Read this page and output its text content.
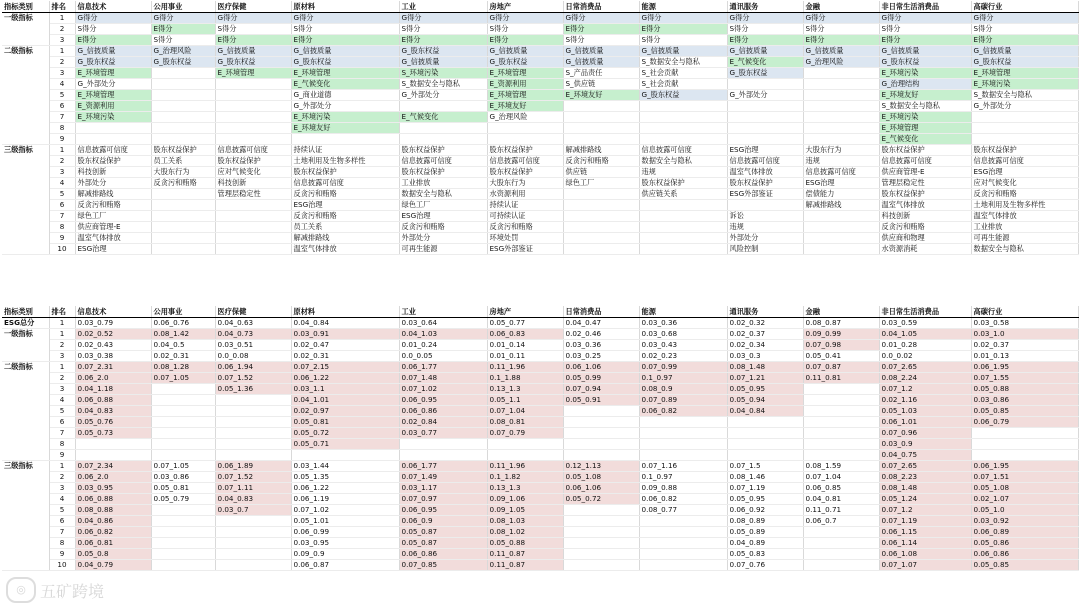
指标类别	排名	信息技术	公用事业	医疗保健	原材料	工业	房地产	日常消费品	能源	通讯服务	金融	非日常生活消费品	高碳行业
一级指标	1	G得分	G得分	G得分	G得分	G得分	G得分	G得分	G得分	G得分	G得分	G得分	G得分
	2	S得分	E得分	S得分	S得分	S得分	S得分	E得分	E得分	S得分	S得分	S得分	S得分
	3	E得分	S得分	E得分	E得分	E得分	E得分	S得分	S得分	E得分	E得分	E得分	E得分
二级指标	1	G_信披质量	G_治理风险	G_信披质量	G_信披质量	G_股东权益	G_信披质量	G_信披质量	G_信披质量	G_信披质量	G_信披质量	G_信披质量	G_信披质量
	2	G_股东权益	G_股东权益	G_股东权益	G_股东权益	G_信披质量	G_股东权益	G_信披质量	S_数据安全与隐私	E_气候变化	G_治理风险	G_股东权益	G_股东权益
	3	E_环境管理		E_环境管理	E_环境管理	S_环境污染	E_环境管理	S_产品责任	S_社会贡献	G_股东权益		E_环境污染	E_环境管理
	4	G_外部处分			E_气候变化	S_数据安全与隐私	E_资源利用	S_供应链	S_社会贡献			G_治理结构	E_环境污染
	5	E_环境管理			G_商业道德	G_外部处分	E_环境管理	E_环境友好	G_股东权益	G_外部处分		E_环境友好	S_数据安全与隐私
	6	E_资源利用			G_外部处分		E_环境友好					S_数据安全与隐私	G_外部处分
	7	E_环境污染			E_环境污染	E_气候变化	G_治理风险					E_环境污染	
	8				E_环境友好							E_环境管理	
	9											E_气候变化	
三级指标	1	信息披露可信度	股东权益保护	信息披露可信度	持续认证	股东权益保护	股东权益保护	解减排路线	信息披露可信度	ESG治理	大股东行为	股东权益保护	股东权益保护
	2	股东权益保护	员工关系	股东权益保护	土地利用及生物多样性	信息披露可信度	信息披露可信度	反贪污和贿赂	数据安全与隐私	信息披露可信度	违规	信息披露可信度	信息披露可信度
	3	科技创新	大股东行为	应对气候变化	股东权益保护	股东权益保护	股东权益保护	供应链	违规	温室气体排放	信息披露可信度	供应商管理-E	ESG治理
	4	外部处分	反贪污和贿赂	科技创新	信息披露可信度	工业排放	大股东行为	绿色工厂	股东权益保护	股东权益保护	ESG治理	管理层稳定性	应对气候变化
	5	解减排路线		管理层稳定性	反贪污和贿赂	数据安全与隐私	水资源利用		供应链关系	ESG外部鉴证	偿债能力	股东权益保护	反贪污和贿赂
	6	反贪污和贿赂			ESG治理	绿色工厂	持续认证				解减排路线	温室气体排放	土地利用及生物多样性
	7	绿色工厂			反贪污和贿赂	ESG治理	可持续认证			诉讼		科技创新	温室气体排放
	8	供应商管理-E			员工关系	反贪污和贿赂	反贪污和贿赂			违规		反贪污和贿赂	工业排放
	9	温室气体排放			解减排路线	外部处分	环境处罚			外部处分		供应商和物理	可再生能源
	10	ESG治理			温室气体排放	可再生能源	ESG外部鉴证			风险控制		水资源消耗	数据安全与隐私
指标类别	排名	信息技术	公用事业	医疗保健	原材料	工业	房地产	日常消费品	能源	通讯服务	金融	非日常生活消费品	高碳行业
ESG总分	1	0.03_0.79	0.06_0.76	0.04_0.63	0.04_0.84	0.03_0.64	0.05_0.77	0.04_0.47	0.03_0.36	0.02_0.32	0.08_0.87	0.03_0.59	0.03_0.58
一级指标	1	0.02_0.52	0.08_1.42	0.04_0.73	0.03_0.91	0.04_1.03	0.06_0.83	0.02_0.46	0.03_0.68	0.02_0.37	0.09_0.99	0.04_1.05	0.03_1.0
	2	0.02_0.43	0.04_0.5	0.03_0.51	0.02_0.47	0.01_0.24	0.01_0.14	0.03_0.36	0.03_0.43	0.02_0.34	0.07_0.98	0.01_0.28	0.02_0.37
	3	0.03_0.38	0.02_0.31	0.0_0.08	0.02_0.31	0.0_0.05	0.01_0.11	0.03_0.25	0.02_0.23	0.03_0.3	0.05_0.41	0.0_0.02	0.01_0.13
二级指标	1	0.07_2.31	0.08_1.28	0.06_1.94	0.07_2.15	0.06_1.77	0.11_1.96	0.06_1.06	0.07_0.99	0.08_1.48	0.07_0.87	0.07_2.65	0.06_1.95
	2	0.06_2.0	0.07_1.05	0.07_1.52	0.06_1.22	0.07_1.48	0.1_1.88	0.05_0.99	0.1_0.97	0.07_1.21	0.11_0.81	0.08_2.24	0.07_1.55
	3	0.04_1.18		0.05_1.36	0.03_1.1	0.07_1.02	0.13_1.3	0.07_0.94	0.08_0.9	0.05_0.95		0.07_1.2	0.05_0.88
	4	0.06_0.88			0.04_1.01	0.06_0.95	0.05_1.1	0.05_0.91	0.07_0.89	0.05_0.94		0.02_1.16	0.03_0.86
	5	0.04_0.83			0.02_0.97	0.06_0.86	0.07_1.04		0.06_0.82	0.04_0.84		0.05_1.03	0.05_0.85
	6	0.05_0.76			0.05_0.81	0.02_0.84	0.08_0.81					0.06_1.01	0.06_0.79
	7	0.05_0.73			0.05_0.72	0.03_0.77	0.07_0.79					0.07_0.96	
	8				0.05_0.71							0.03_0.9	
	9											0.04_0.75	
三级指标	1	0.07_2.34	0.07_1.05	0.06_1.89	0.03_1.44	0.06_1.77	0.11_1.96	0.12_1.13	0.07_1.16	0.07_1.5	0.08_1.59	0.07_2.65	0.06_1.95
	2	0.06_2.0	0.03_0.86	0.07_1.52	0.05_1.35	0.07_1.49	0.1_1.82	0.05_1.08	0.1_0.97	0.08_1.46	0.07_1.04	0.08_2.23	0.07_1.51
	3	0.03_0.95	0.05_0.81	0.07_1.11	0.06_1.22	0.03_1.17	0.13_1.3	0.06_1.06	0.09_0.88	0.07_1.19	0.06_0.85	0.08_1.48	0.05_1.08
	4	0.06_0.88	0.05_0.79	0.04_0.83	0.06_1.19	0.07_0.97	0.09_1.06	0.05_0.72	0.06_0.82	0.05_0.95	0.04_0.81	0.05_1.24	0.02_1.07
	5	0.08_0.88		0.03_0.7	0.07_1.02	0.06_0.95	0.09_1.05		0.08_0.77	0.06_0.92	0.11_0.71	0.07_1.2	0.05_1.0
	6	0.04_0.86			0.05_1.01	0.06_0.9	0.08_1.03			0.08_0.89	0.06_0.7	0.07_1.19	0.03_0.92
	7	0.06_0.82			0.06_0.99	0.05_0.87	0.08_1.02			0.05_0.89		0.06_1.15	0.06_0.89
	8	0.06_0.81			0.03_0.95	0.05_0.87	0.05_0.88			0.04_0.89		0.06_1.14	0.05_0.86
	9	0.05_0.8			0.09_0.9	0.06_0.86	0.11_0.87			0.05_0.83		0.06_1.08	0.06_0.86
	10	0.04_0.79			0.06_0.87	0.07_0.85	0.11_0.87			0.07_0.76		0.07_1.07	0.05_0.85
◎ 五矿跨境
